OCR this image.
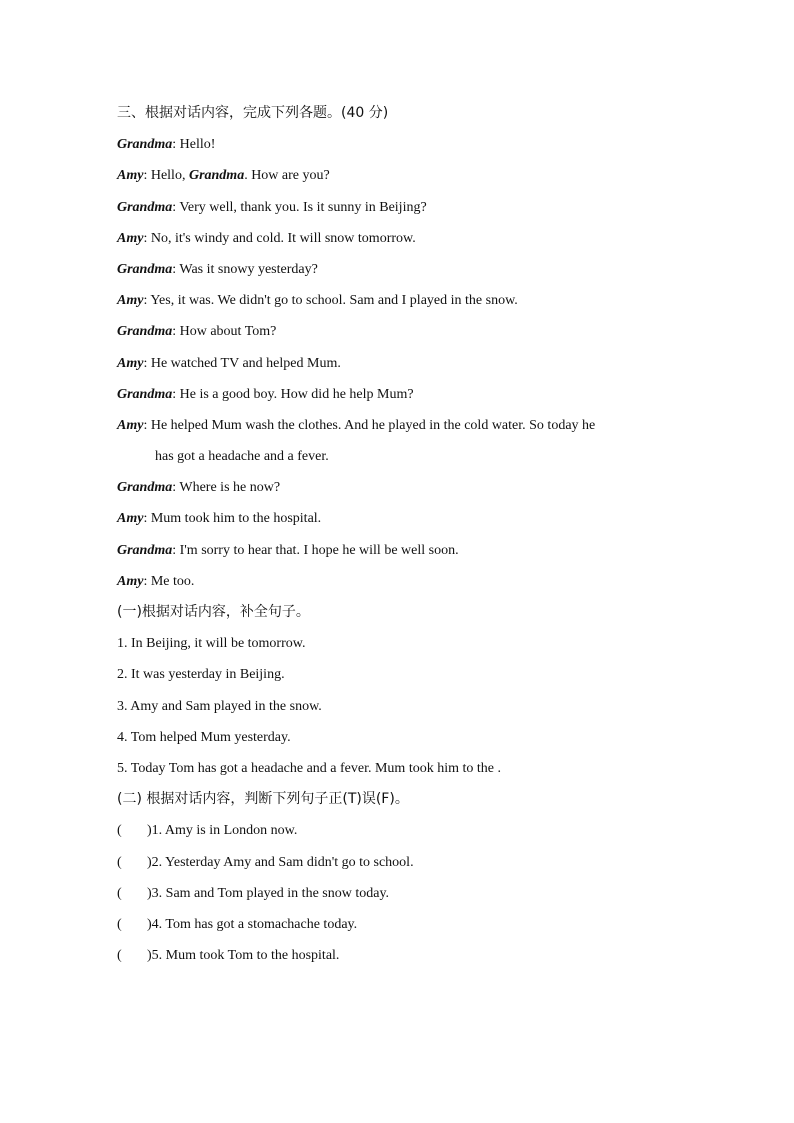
三、根据对话内容，完成下列各题。(40 分)
Grandma: Hello!
Amy: Hello, Grandma. How are you?
Grandma: Very well, thank you. Is it sunny in Beijing?
Amy: No, it's windy and cold. It will snow tomorrow.
Grandma: Was it snowy yesterday?
Amy: Yes, it was. We didn't go to school. Sam and I played in the snow.
Grandma: How about Tom?
Amy: He watched TV and helped Mum.
Grandma: He is a good boy. How did he help Mum?
Amy: He helped Mum wash the clothes. And he played in the cold water. So today he
has got a headache and a fever.
Grandma: Where is he now?
Amy: Mum took him to the hospital.
Grandma: I'm sorry to hear that. I hope he will be well soon.
Amy: Me too.
(一)根据对话内容，补全句子。
1. In Beijing, it will be tomorrow.
2. It was yesterday in Beijing.
3. Amy and Sam played in the snow.
4. Tom helped Mum yesterday.
5. Today Tom has got a headache and a fever. Mum took him to the .
(二) 根据对话内容，判断下列句子正(T)误(F)。
( )1. Amy is in London now.
( )2. Yesterday Amy and Sam didn't go to school.
( )3. Sam and Tom played in the snow today.
( )4. Tom has got a stomachache today.
( )5. Mum took Tom to the hospital.
